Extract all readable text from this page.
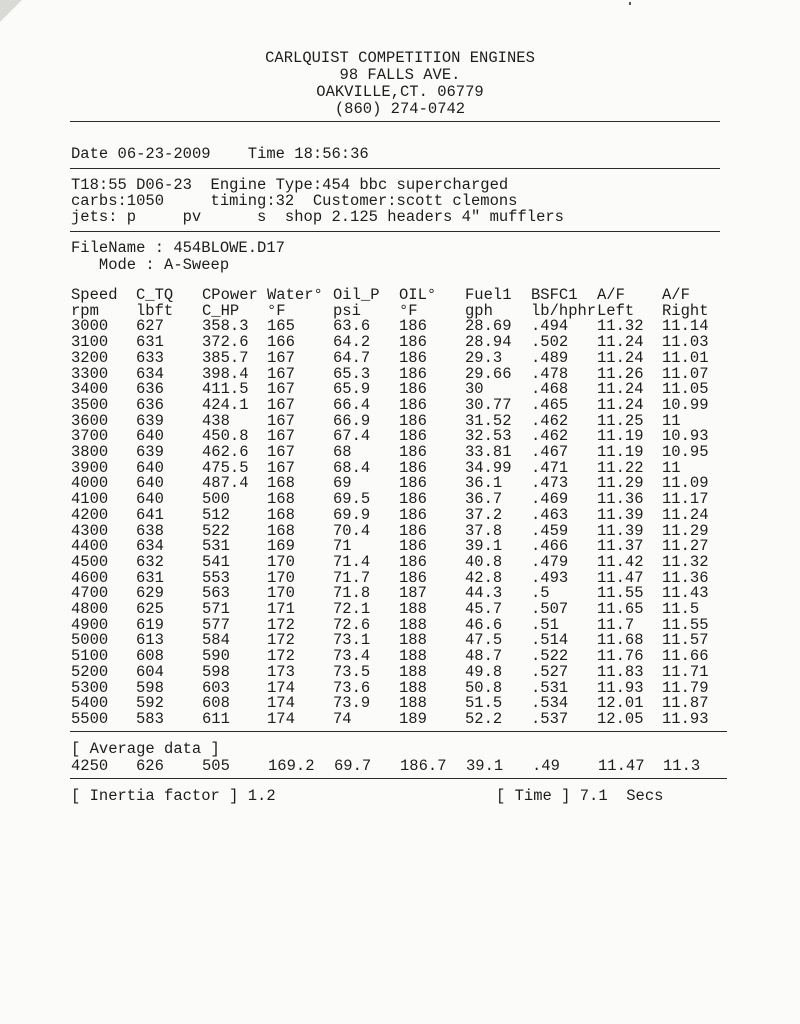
CARLQUIST COMPETITION ENGINES
98 FALLS AVE.
OAKVILLE,CT. 06779
(860) 274-0742
Date 06-23-2009 Time 18:56:36
T18:55 D06-23  Engine Type:454 bbc supercharged
carbs:1050     timing:32  Customer:scott clemons
jets: p     pv      s  shop 2.125 headers 4" mufflers
FileName : 454BLOWE.D17
Mode : A-Sweep
Speed	C_TQ	CPower	Water°	Oil_P	OIL°	Fuel1	BSFC1	A/F	A/F
rpm	lbft	C_HP	°F	psi	°F	gph	lb/hphr	Left	Right
3000	627	358.3	165	63.6	186	28.69	.494	11.32	11.14
3100	631	372.6	166	64.2	186	28.94	.502	11.24	11.03
3200	633	385.7	167	64.7	186	29.3	.489	11.24	11.01
3300	634	398.4	167	65.3	186	29.66	.478	11.26	11.07
3400	636	411.5	167	65.9	186	30	.468	11.24	11.05
3500	636	424.1	167	66.4	186	30.77	.465	11.24	10.99
3600	639	438	167	66.9	186	31.52	.462	11.25	11
3700	640	450.8	167	67.4	186	32.53	.462	11.19	10.93
3800	639	462.6	167	68	186	33.81	.467	11.19	10.95
3900	640	475.5	167	68.4	186	34.99	.471	11.22	11
4000	640	487.4	168	69	186	36.1	.473	11.29	11.09
4100	640	500	168	69.5	186	36.7	.469	11.36	11.17
4200	641	512	168	69.9	186	37.2	.463	11.39	11.24
4300	638	522	168	70.4	186	37.8	.459	11.39	11.29
4400	634	531	169	71	186	39.1	.466	11.37	11.27
4500	632	541	170	71.4	186	40.8	.479	11.42	11.32
4600	631	553	170	71.7	186	42.8	.493	11.47	11.36
4700	629	563	170	71.8	187	44.3	.5	11.55	11.43
4800	625	571	171	72.1	188	45.7	.507	11.65	11.5
4900	619	577	172	72.6	188	46.6	.51	11.7	11.55
5000	613	584	172	73.1	188	47.5	.514	11.68	11.57
5100	608	590	172	73.4	188	48.7	.522	11.76	11.66
5200	604	598	173	73.5	188	49.8	.527	11.83	11.71
5300	598	603	174	73.6	188	50.8	.531	11.93	11.79
5400	592	608	174	73.9	188	51.5	.534	12.01	11.87
5500	583	611	174	74	189	52.2	.537	12.05	11.93
[ Average data ]
4250 626 505 169.2 69.7 186.7 39.1 .49 11.47 11.3
[ Inertia factor ] 1.2	[ Time ] 7.1  Secs
